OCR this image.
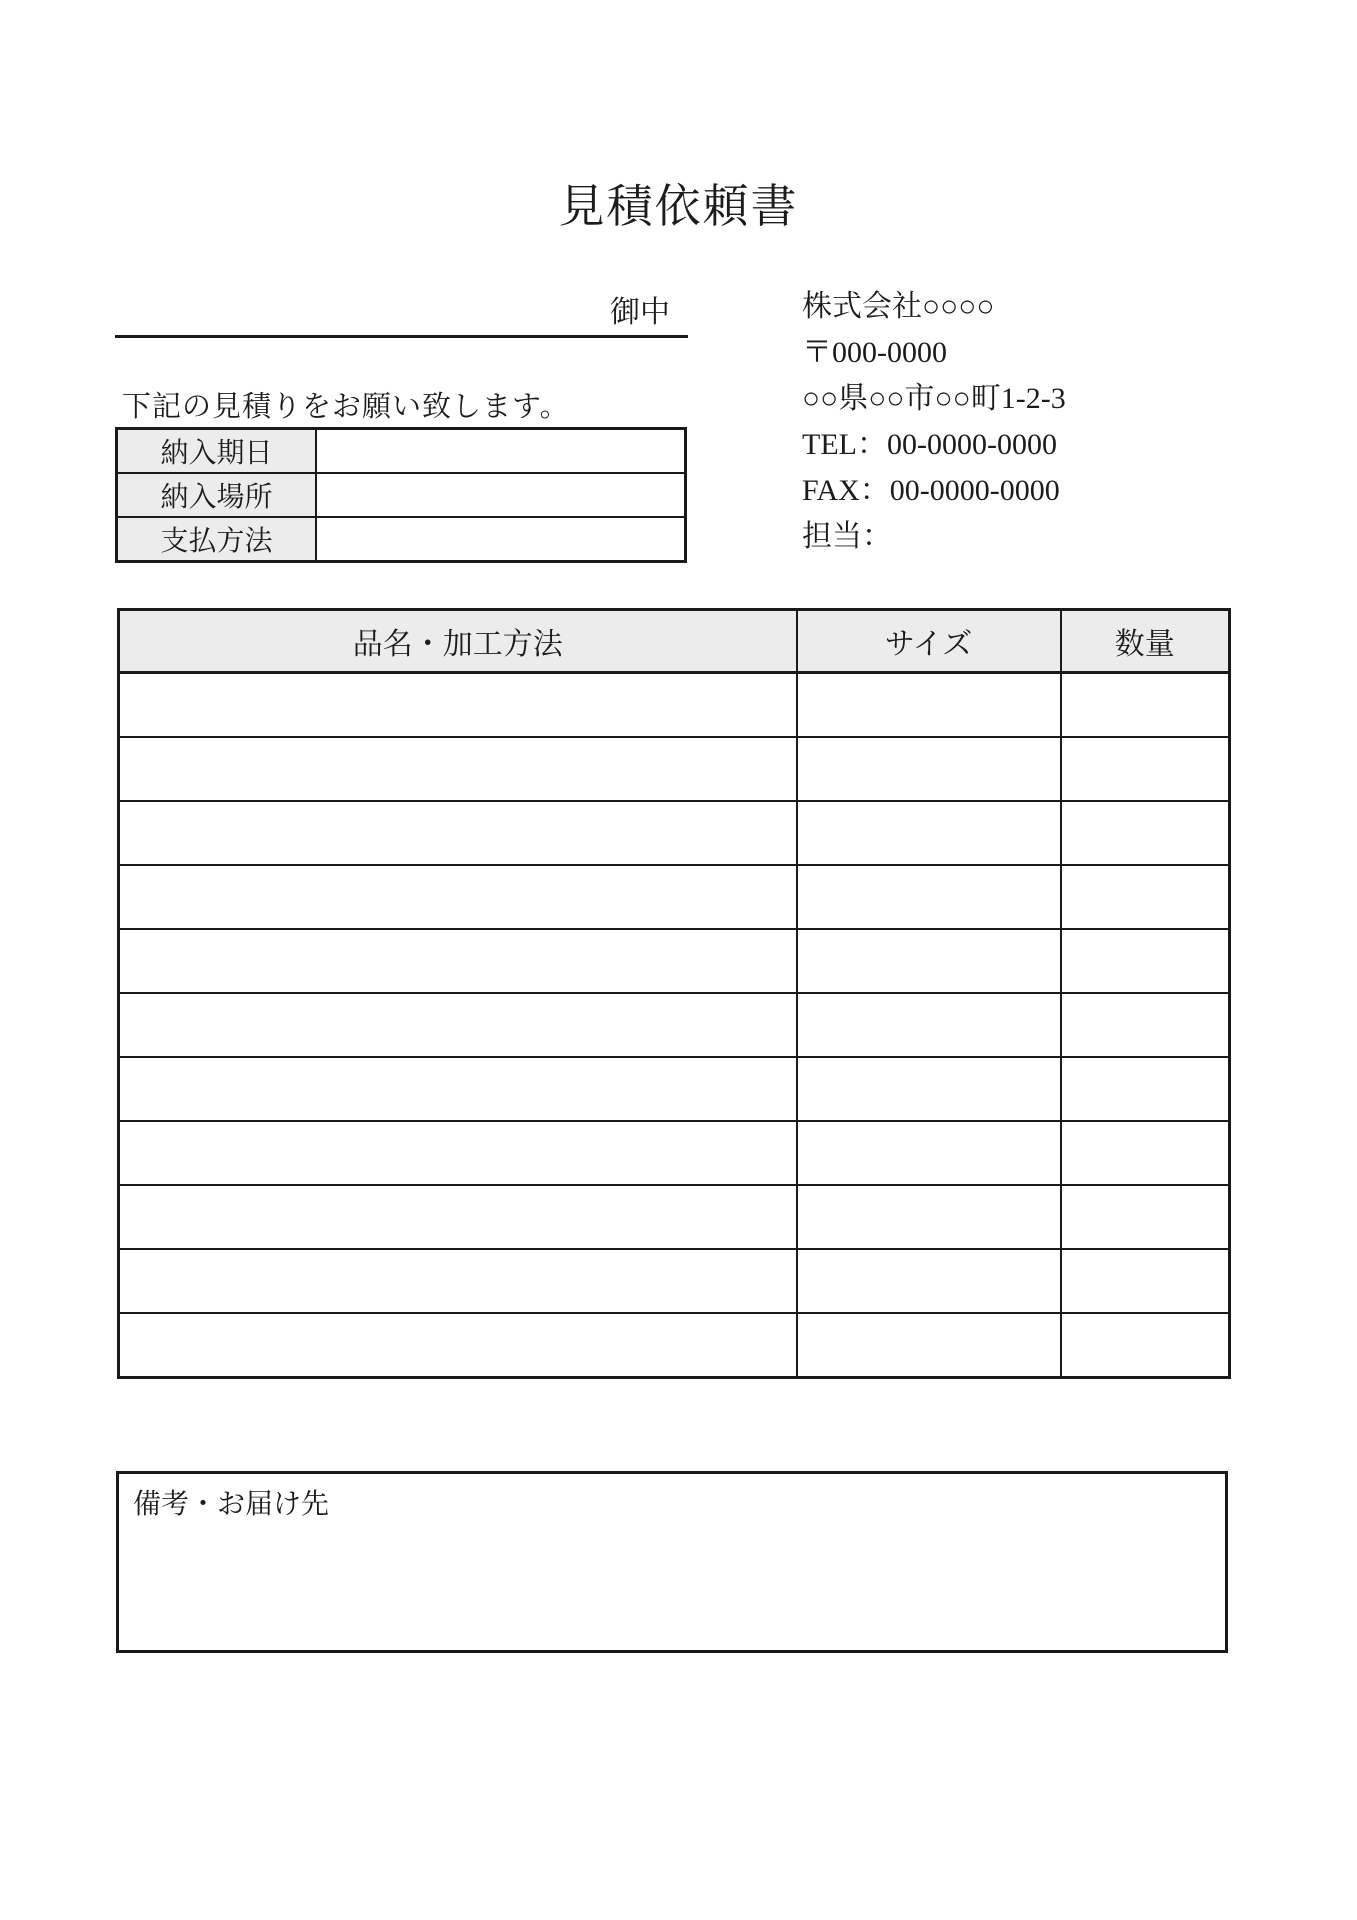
見積依頼書
御中	株式会社○○○○
〒000-0000
○○県○○市○○町1-2-3
TEL：00-0000-0000
FAX：00-0000-0000
担当：
下記の見積りをお願い致します。
納入期日	
納入場所	
支払方法	
品名・加工方法	サイズ	数量

備考・お届け先
